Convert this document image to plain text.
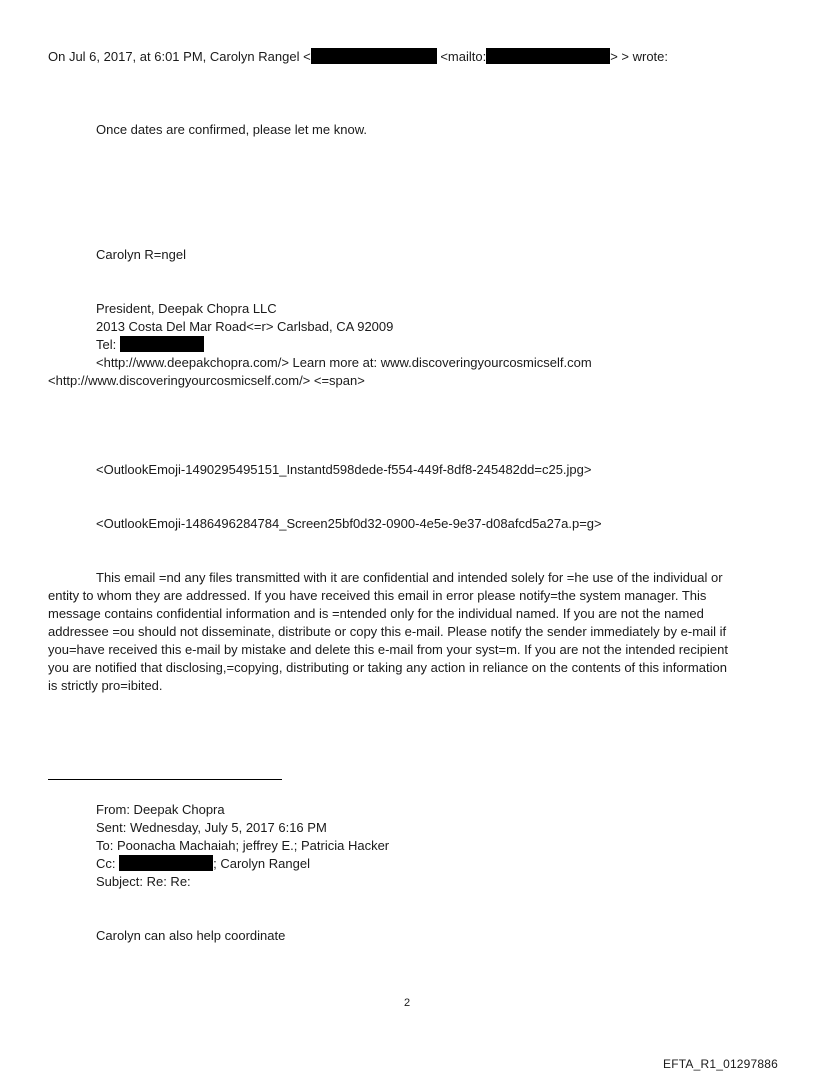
On Jul 6, 2017, at 6:01 PM, Carolyn Rangel <	<mailto:	> > wrote:
Once dates are confirmed, please let me know.
Carolyn R=ngel
President, Deepak Chopra LLC
2013 Costa Del Mar Road<=r> Carlsbad, CA 92009
Tel:
<http://www.deepakchopra.com/> Learn more at: www.discoveringyourcosmicself.com
<http://www.discoveringyourcosmicself.com/> <=span>
<OutlookEmoji-1490295495151_Instantd598dede-f554-449f-8df8-245482dd=c25.jpg>
<OutlookEmoji-1486496284784_Screen25bf0d32-0900-4e5e-9e37-d08afcd5a27a.p=g>
This email =nd any files transmitted with it are confidential and intended solely for =he use of the individual or
entity to whom they are addressed. If you have received this email in error please notify=the system manager. This
message contains confidential information and is =ntended only for the individual named. If you are not the named
addressee =ou should not disseminate, distribute or copy this e-mail. Please notify the sender immediately by e-mail if
you=have received this e-mail by mistake and delete this e-mail from your syst=m. If you are not the intended recipient
you are notified that disclosing,=copying, distributing or taking any action in reliance on the contents of this information
is strictly pro=ibited.
From: Deepak Chopra
Sent: Wednesday, July 5, 2017 6:16 PM
To: Poonacha Machaiah; jeffrey E.; Patricia Hacker
Cc:	; Carolyn Rangel
Subject: Re: Re:
Carolyn can also help coordinate
2
EFTA_R1_01297886
